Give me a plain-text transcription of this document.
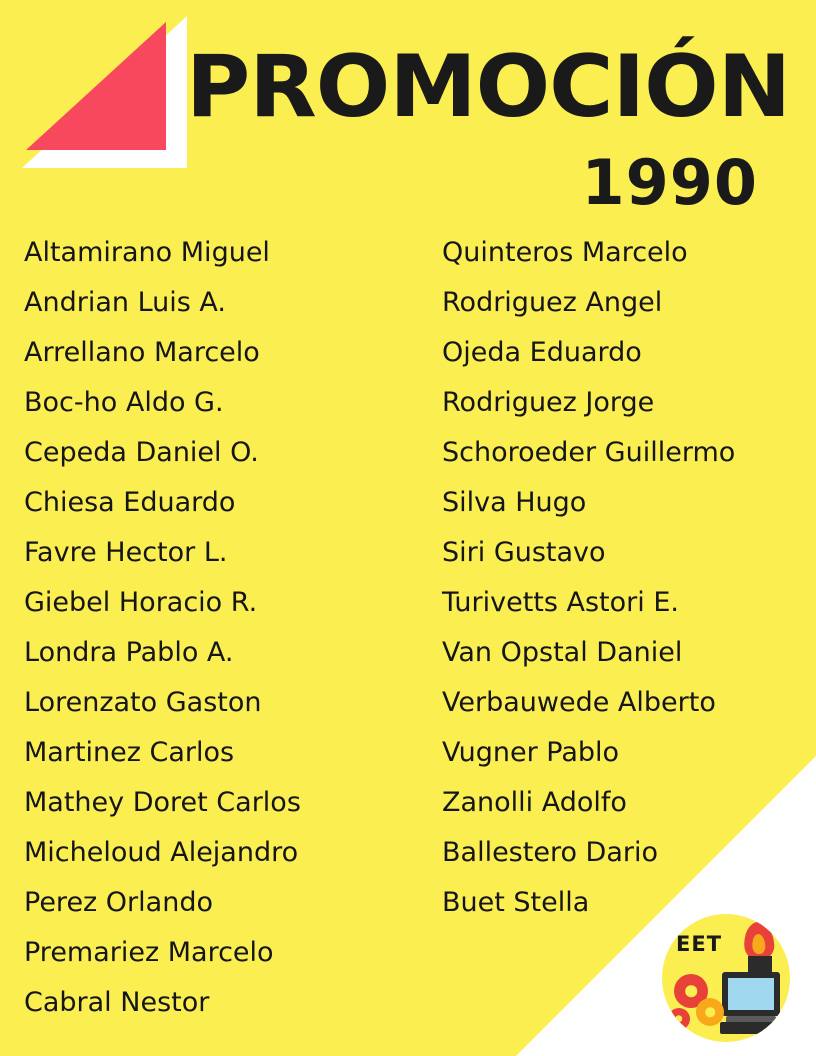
PROMOCIÓN
1990
Altamirano Miguel
Andrian Luis A.
Arrellano Marcelo
Boc-ho Aldo G.
Cepeda Daniel O.
Chiesa Eduardo
Favre Hector L.
Giebel Horacio R.
Londra Pablo A.
Lorenzato Gaston
Martinez Carlos
Mathey Doret Carlos
Micheloud Alejandro
Perez Orlando
Premariez Marcelo
Cabral Nestor
Quinteros Marcelo
Rodriguez Angel
Ojeda Eduardo
Rodriguez Jorge
Schoroeder Guillermo
Silva Hugo
Siri Gustavo
Turivetts Astori E.
Van Opstal Daniel
Verbauwede Alberto
Vugner Pablo
Zanolli Adolfo
Ballestero Dario
Buet Stella
EET
